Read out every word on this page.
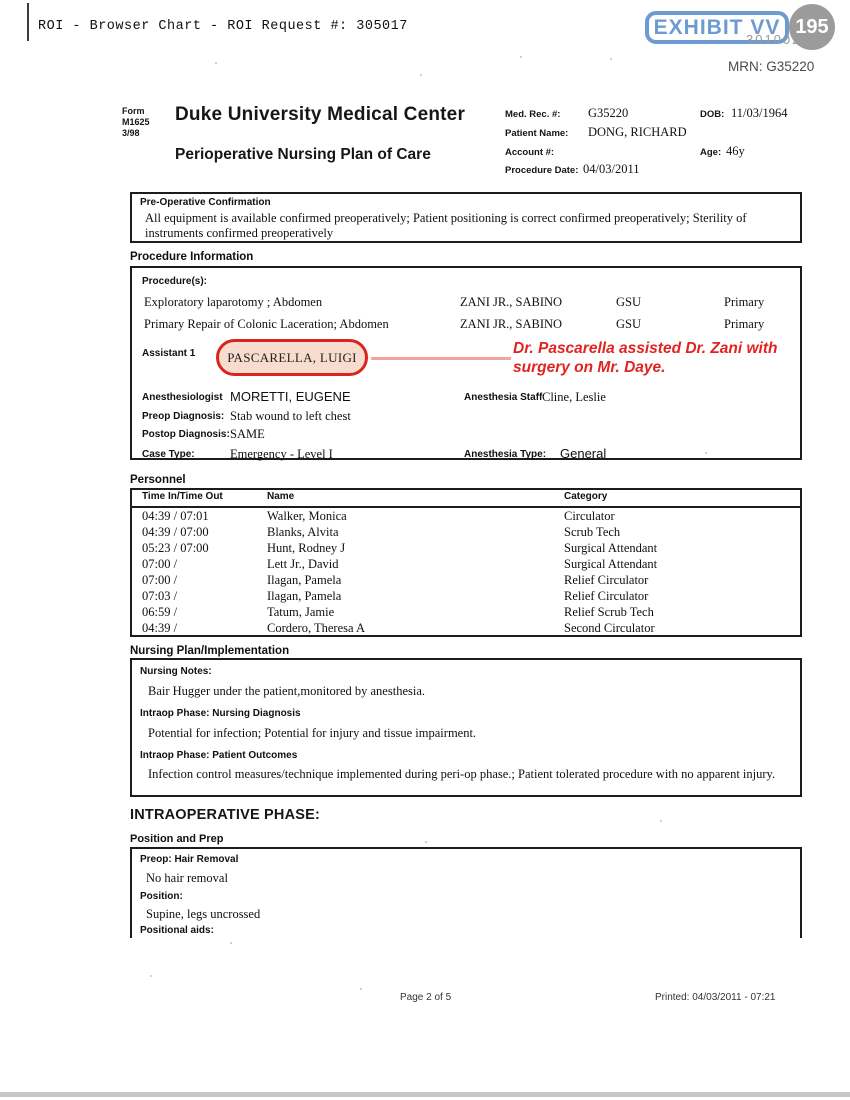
ROI - Browser Chart - ROI Request #: 305017	EXHIBIT VV 195
301002
MRN: G35220
Form
M1625
3/98
Duke University Medical Center
Perioperative Nursing Plan of Care
Med. Rec. #: G35220	DOB: 11/03/1964
Patient Name: DONG, RICHARD
Account #:	Age: 46y
Procedure Date: 04/03/2011
Pre-Operative Confirmation
All equipment is available confirmed preoperatively; Patient positioning is correct confirmed preoperatively; Sterility of instruments confirmed preoperatively
Procedure Information
Procedure(s):
Exploratory laparotomy ; Abdomen	ZANI JR., SABINO	GSU	Primary
Primary Repair of Colonic Laceration; Abdomen	ZANI JR., SABINO	GSU	Primary
Assistant 1 PASCARELLA, LUIGI	Dr. Pascarella assisted Dr. Zani with
surgery on Mr. Daye.
Anesthesiologist MORETTI, EUGENE	Anesthesia Staff Cline, Leslie
Preop Diagnosis: Stab wound to left chest
Postop Diagnosis: SAME
Case Type:	Emergency - Level I	Anesthesia Type: General
Personnel
Time In/Time Out	Name	Category
04:39 / 07:01	Walker, Monica	Circulator
04:39 / 07:00	Blanks, Alvita	Scrub Tech
05:23 / 07:00	Hunt, Rodney J	Surgical Attendant
07:00 /	Lett Jr., David	Surgical Attendant
07:00 /	Ilagan, Pamela	Relief Circulator
07:03 /	Ilagan, Pamela	Relief Circulator
06:59 /	Tatum, Jamie	Relief Scrub Tech
04:39 /	Cordero, Theresa A	Second Circulator
Nursing Plan/Implementation
Nursing Notes:
Bair Hugger under the patient,monitored by anesthesia.
Intraop Phase: Nursing Diagnosis
Potential for infection; Potential for injury and tissue impairment.
Intraop Phase: Patient Outcomes
Infection control measures/technique implemented during peri-op phase.; Patient tolerated procedure with no apparent injury.
INTRAOPERATIVE PHASE:
Position and Prep
Preop: Hair Removal
No hair removal
Position:
Supine, legs uncrossed
Positional aids:
Page 2 of 5	Printed: 04/03/2011 - 07:21
